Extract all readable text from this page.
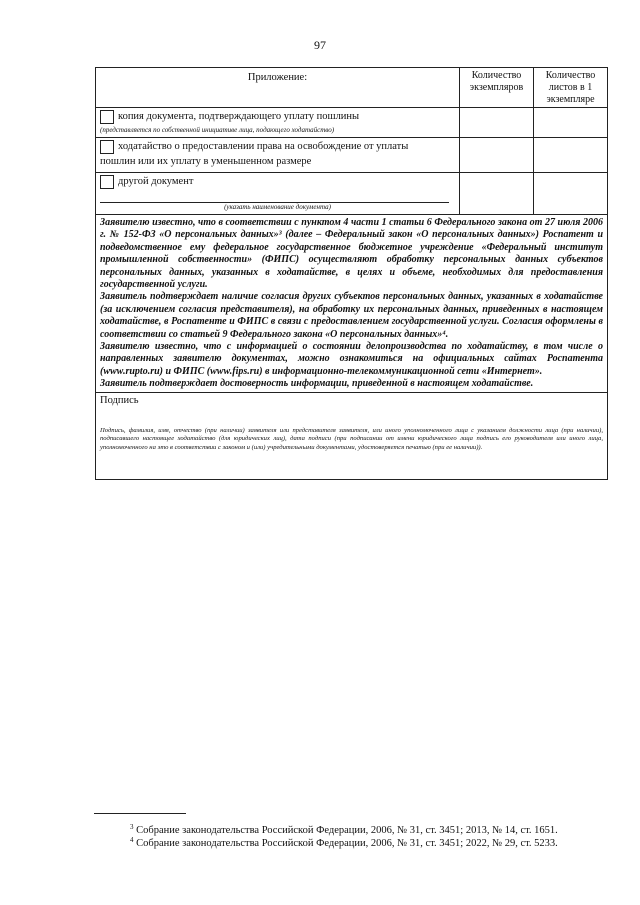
97
Приложение:	Количество экземпляров
Количество листов в 1 экземпляре
копия документа, подтверждающего уплату пошлины
(представляется по собственной инициативе лица, подающего ходатайство)
ходатайство о предоставлении права на освобождение от уплаты
пошлин или их уплату в уменьшенном размере
другой документ
(указать наименование документа)

Заявителю известно, что в соответствии с пунктом 4 части 1 статьи 6 Федерального закона от 27 июля 2006 г. № 152-ФЗ «О персональных данных»³ (далее – Федеральный закон «О персональных данных») Роспатент и подведомственное ему федеральное государственное бюджетное учреждение «Федеральный институт промышленной собственности» (ФИПС) осуществляют обработку персональных данных субъектов персональных данных, указанных в ходатайстве, в целях и объеме, необходимых для предоставления государственной услуги.

Заявитель подтверждает наличие согласия других субъектов персональных данных, указанных в ходатайстве (за исключением согласия представителя), на обработку их персональных данных, приведенных в настоящем ходатайстве, в Роспатенте и ФИПС в связи с предоставлением государственной услуги. Согласия оформлены в соответствии со статьей 9 Федерального закона «О персональных данных»⁴.

Заявителю известно, что с информацией о состоянии делопроизводства по ходатайству, в том числе о направленных заявителю документах, можно ознакомиться на официальных сайтах Роспатента (www.rupto.ru) и ФИПС (www.fips.ru) в информационно-телекоммуникационной сети «Интернет».

Заявитель подтверждает достоверность информации, приведенной в настоящем ходатайстве.

Подпись
Подпись, фамилия, имя, отчество (при наличии) заявителя или представителя заявителя, или иного уполномоченного лица с указанием должности лица (при наличии), подписавшего настоящее ходатайство (для юридических лиц), дата подписи (при подписании от имени юридического лица подпись его руководителя или иного лица, уполномоченного на это в соответствии с законом и (или) учредительными документами, удостоверяется печатью (при ее наличии)).
$^3$ Собрание законодательства Российской Федерации, 2006, № 31, ст. 3451; 2013, № 14, ст. 1651.
$^4$ Собрание законодательства Российской Федерации, 2006, № 31, ст. 3451; 2022, № 29, ст. 5233.
